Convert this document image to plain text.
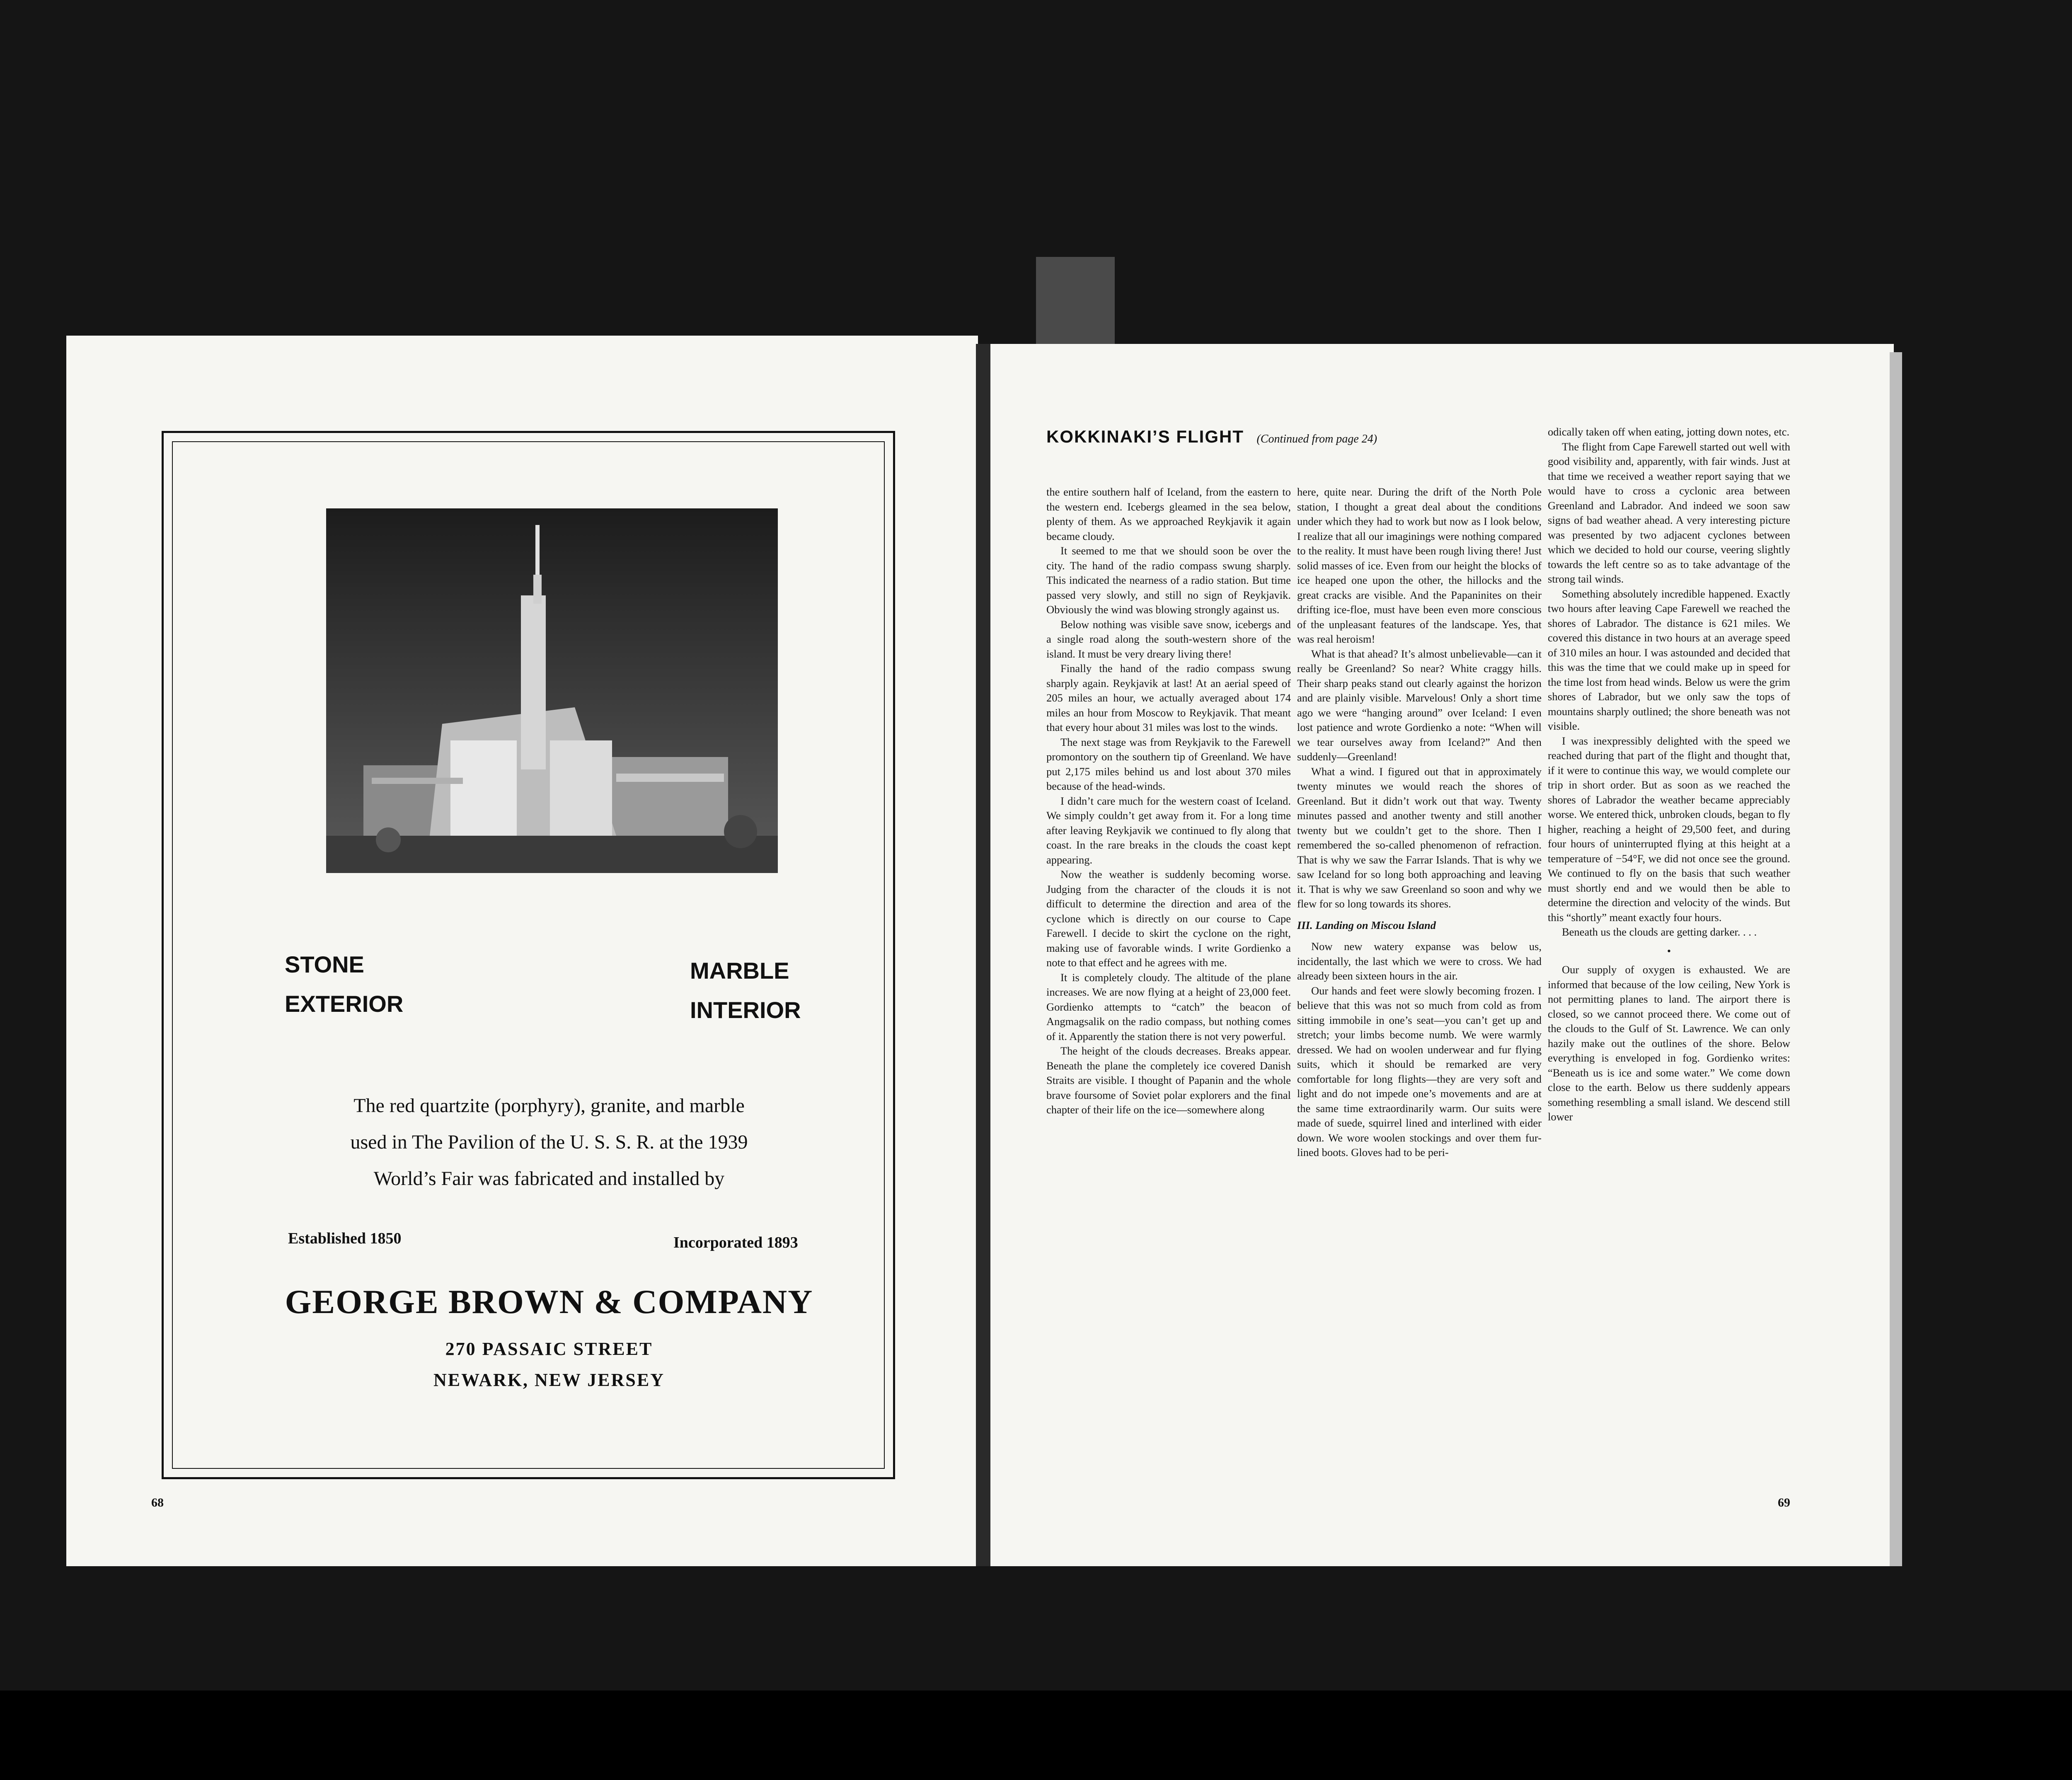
STONE
EXTERIOR
MARBLE
INTERIOR
The red quartzite (porphyry), granite, and marble
used in The Pavilion of the U. S. S. R. at the 1939
World’s Fair was fabricated and installed by
Established 1850	Incorporated 1893
GEORGE BROWN & COMPANY
270 PASSAIC STREET
NEWARK, NEW JERSEY
68
KOKKINAKI’S FLIGHT (Continued from page 24)

the entire southern half of Iceland, from the eastern to the western end. Icebergs gleamed in the sea below, plenty of them. As we approached Reykjavik it again became cloudy.

It seemed to me that we should soon be over the city. The hand of the radio compass swung sharply. This indicated the nearness of a radio station. But time passed very slowly, and still no sign of Reykjavik. Obviously the wind was blowing strongly against us.

Below nothing was visible save snow, icebergs and a single road along the south-western shore of the island. It must be very dreary living there!

Finally the hand of the radio compass swung sharply again. Reykjavik at last! At an aerial speed of 205 miles an hour, we actually averaged about 174 miles an hour from Moscow to Reykjavik. That meant that every hour about 31 miles was lost to the winds.

The next stage was from Reykjavik to the Farewell promontory on the southern tip of Greenland. We have put 2,175 miles behind us and lost about 370 miles because of the head-winds.

I didn’t care much for the western coast of Iceland. We simply couldn’t get away from it. For a long time after leaving Reykjavik we continued to fly along that coast. In the rare breaks in the clouds the coast kept appearing.

Now the weather is suddenly becoming worse. Judging from the character of the clouds it is not difficult to determine the direction and area of the cyclone which is directly on our course to Cape Farewell. I decide to skirt the cyclone on the right, making use of favorable winds. I write Gordienko a note to that effect and he agrees with me.

It is completely cloudy. The altitude of the plane increases. We are now flying at a height of 23,000 feet. Gordienko attempts to “catch” the beacon of Angmagsalik on the radio compass, but nothing comes of it. Apparently the station there is not very powerful.

The height of the clouds decreases. Breaks appear. Beneath the plane the completely ice covered Danish Straits are visible. I thought of Papanin and the whole brave foursome of Soviet polar explorers and the final chapter of their life on the ice—somewhere along

here, quite near. During the drift of the North Pole station, I thought a great deal about the conditions under which they had to work but now as I look below, I realize that all our imaginings were nothing compared to the reality. It must have been rough living there! Just solid masses of ice. Even from our height the blocks of ice heaped one upon the other, the hillocks and the great cracks are visible. And the Papaninites on their drifting ice-floe, must have been even more conscious of the unpleasant features of the landscape. Yes, that was real heroism!

What is that ahead? It’s almost unbelievable—can it really be Greenland? So near? White craggy hills. Their sharp peaks stand out clearly against the horizon and are plainly visible. Marvelous! Only a short time ago we were “hanging around” over Iceland: I even lost patience and wrote Gordienko a note: “When will we tear ourselves away from Iceland?” And then suddenly—Greenland!

What a wind. I figured out that in approximately twenty minutes we would reach the shores of Greenland. But it didn’t work out that way. Twenty minutes passed and another twenty and still another twenty but we couldn’t get to the shore. Then I remembered the so-called phenomenon of refraction. That is why we saw the Farrar Islands. That is why we saw Iceland for so long both approaching and leaving it. That is why we saw Greenland so soon and why we flew for so long towards its shores.

III. Landing on Miscou Island

Now new watery expanse was below us, incidentally, the last which we were to cross. We had already been sixteen hours in the air.

Our hands and feet were slowly becoming frozen. I believe that this was not so much from cold as from sitting immobile in one’s seat—you can’t get up and stretch; your limbs become numb. We were warmly dressed. We had on woolen underwear and fur flying suits, which it should be remarked are very comfortable for long flights—they are very soft and light and do not impede one’s movements and are at the same time extraordinarily warm. Our suits were made of suede, squirrel lined and interlined with eider down. We wore woolen stockings and over them fur-lined boots. Gloves had to be peri-

odically taken off when eating, jotting down notes, etc.

The flight from Cape Farewell started out well with good visibility and, apparently, with fair winds. Just at that time we received a weather report saying that we would have to cross a cyclonic area between Greenland and Labrador. And indeed we soon saw signs of bad weather ahead. A very interesting picture was presented by two adjacent cyclones between which we decided to hold our course, veering slightly towards the left centre so as to take advantage of the strong tail winds.

Something absolutely incredible happened. Exactly two hours after leaving Cape Farewell we reached the shores of Labrador. The distance is 621 miles. We covered this distance in two hours at an average speed of 310 miles an hour. I was astounded and decided that this was the time that we could make up in speed for the time lost from head winds. Below us were the grim shores of Labrador, but we only saw the tops of mountains sharply outlined; the shore beneath was not visible.

I was inexpressibly delighted with the speed we reached during that part of the flight and thought that, if it were to continue this way, we would complete our trip in short order. But as soon as we reached the shores of Labrador the weather became appreciably worse. We entered thick, unbroken clouds, began to fly higher, reaching a height of 29,500 feet, and during four hours of uninterrupted flying at this height at a temperature of −54°F, we did not once see the ground. We continued to fly on the basis that such weather must shortly end and we would then be able to determine the direction and velocity of the winds. But this “shortly” meant exactly four hours.

Beneath us the clouds are getting darker. . . .

•

Our supply of oxygen is exhausted. We are informed that because of the low ceiling, New York is not permitting planes to land. The airport there is closed, so we cannot proceed there. We come out of the clouds to the Gulf of St. Lawrence. We can only hazily make out the outlines of the shore. Below everything is enveloped in fog. Gordienko writes: “Beneath us is ice and some water.” We come down close to the earth. Below us there suddenly appears something resembling a small island. We descend still lower

69
